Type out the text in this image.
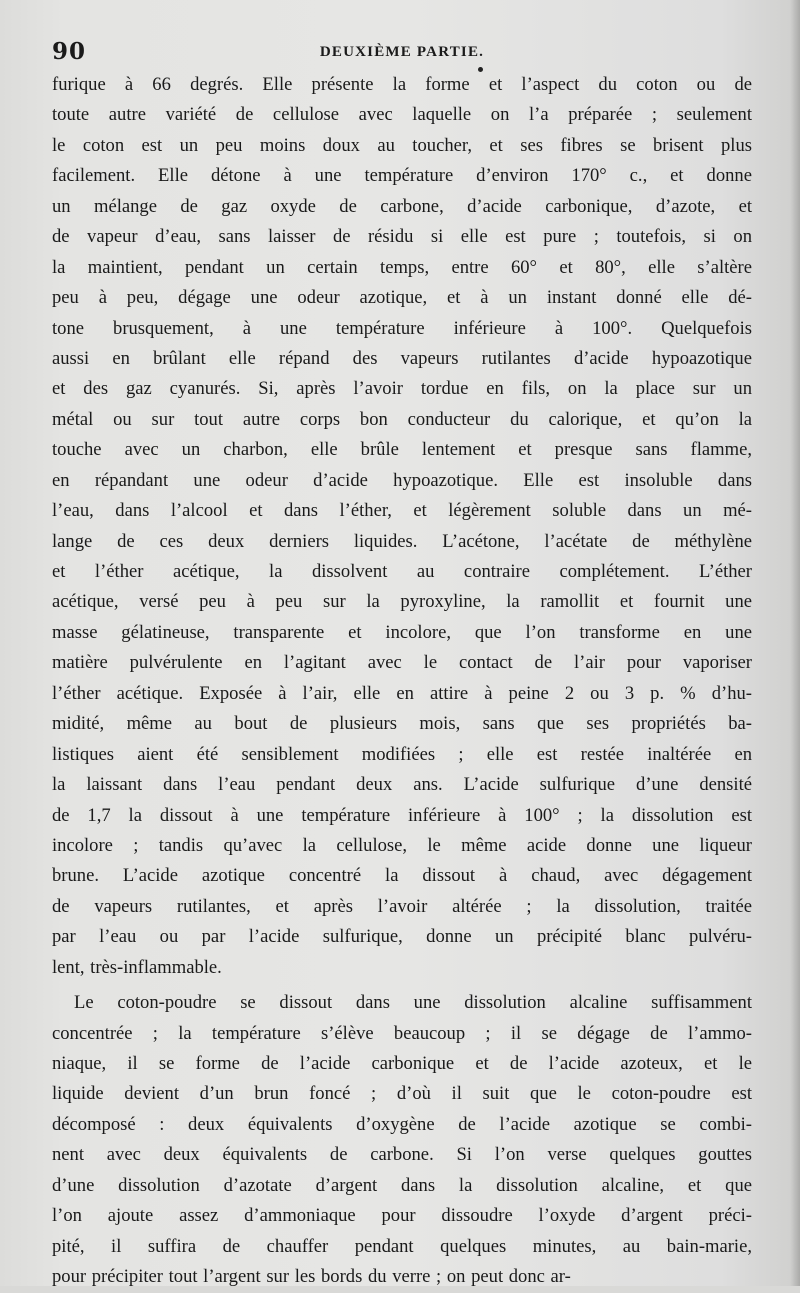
90	DEUXIÈME PARTIE.
furique à 66 degrés. Elle présente la forme et l’aspect du coton ou de
toute autre variété de cellulose avec laquelle on l’a préparée ; seulement
le coton est un peu moins doux au toucher, et ses fibres se brisent plus
facilement. Elle détone à une température d’environ 170° c., et donne
un mélange de gaz oxyde de carbone, d’acide carbonique, d’azote, et
de vapeur d’eau, sans laisser de résidu si elle est pure ; toutefois, si on
la maintient, pendant un certain temps, entre 60° et 80°, elle s’altère
peu à peu, dégage une odeur azotique, et à un instant donné elle dé-
tone brusquement, à une température inférieure à 100°. Quelquefois
aussi en brûlant elle répand des vapeurs rutilantes d’acide hypoazotique
et des gaz cyanurés. Si, après l’avoir tordue en fils, on la place sur un
métal ou sur tout autre corps bon conducteur du calorique, et qu’on la
touche avec un charbon, elle brûle lentement et presque sans flamme,
en répandant une odeur d’acide hypoazotique. Elle est insoluble dans
l’eau, dans l’alcool et dans l’éther, et légèrement soluble dans un mé-
lange de ces deux derniers liquides. L’acétone, l’acétate de méthylène
et l’éther acétique, la dissolvent au contraire complétement. L’éther
acétique, versé peu à peu sur la pyroxyline, la ramollit et fournit une
masse gélatineuse, transparente et incolore, que l’on transforme en une
matière pulvérulente en l’agitant avec le contact de l’air pour vaporiser
l’éther acétique. Exposée à l’air, elle en attire à peine 2 ou 3 p. % d’hu-
midité, même au bout de plusieurs mois, sans que ses propriétés ba-
listiques aient été sensiblement modifiées ; elle est restée inaltérée en
la laissant dans l’eau pendant deux ans. L’acide sulfurique d’une densité
de 1,7 la dissout à une température inférieure à 100° ; la dissolution est
incolore ; tandis qu’avec la cellulose, le même acide donne une liqueur
brune. L’acide azotique concentré la dissout à chaud, avec dégagement
de vapeurs rutilantes, et après l’avoir altérée ; la dissolution, traitée
par l’eau ou par l’acide sulfurique, donne un précipité blanc pulvéru-
lent, très-inflammable.
Le coton-poudre se dissout dans une dissolution alcaline suffisamment
concentrée ; la température s’élève beaucoup ; il se dégage de l’ammo-
niaque, il se forme de l’acide carbonique et de l’acide azoteux, et le
liquide devient d’un brun foncé ; d’où il suit que le coton-poudre est
décomposé : deux équivalents d’oxygène de l’acide azotique se combi-
nent avec deux équivalents de carbone. Si l’on verse quelques gouttes
d’une dissolution d’azotate d’argent dans la dissolution alcaline, et que
l’on ajoute assez d’ammoniaque pour dissoudre l’oxyde d’argent préci-
pité, il suffira de chauffer pendant quelques minutes, au bain-marie,
pour précipiter tout l’argent sur les bords du verre ; on peut donc ar-
